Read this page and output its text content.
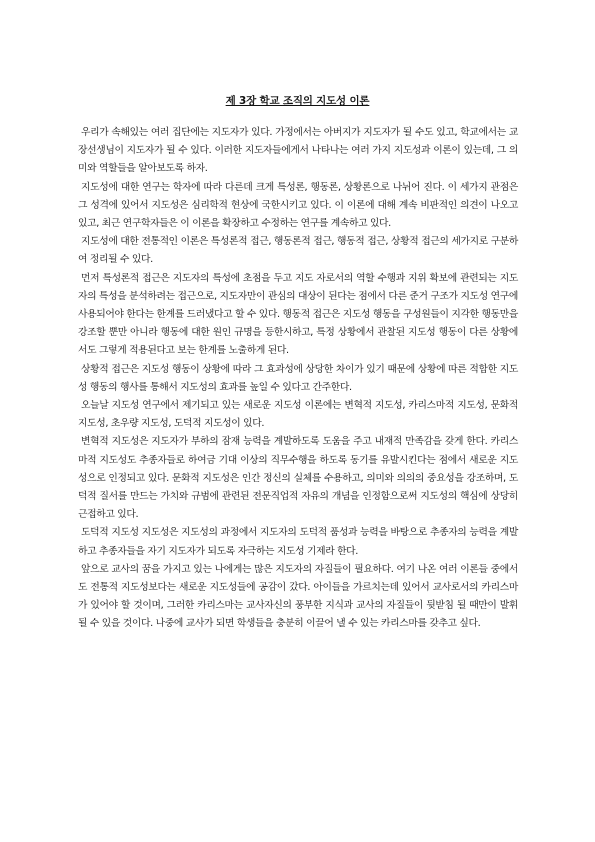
제 3장 학교 조직의 지도성 이론

우리가 속해있는 여러 집단에는 지도자가 있다. 가정에서는 아버지가 지도자가 될 수도 있고, 학교에서는 교장선생님이 지도자가 될 수 있다. 이러한 지도자들에게서 나타나는 여러 가지 지도성과 이론이 있는데, 그 의미와 역할들을 알아보도록 하자.

지도성에 대한 연구는 학자에 따라 다른데 크게 특성론, 행동론, 상황론으로 나뉘어 진다. 이 세가지 관점은 그 성격에 있어서 지도성은 심리학적 현상에 국한시키고 있다. 이 이론에 대해 계속 비판적인 의견이 나오고 있고, 최근 연구학자들은 이 이론을 확장하고 수정하는 연구를 계속하고 있다.

지도성에 대한 전통적인 이론은 특성론적 접근, 행동론적 접근, 행동적 접근, 상황적 접근의 세가지로 구분하여 정리될 수 있다.

먼저 특성론적 접근은 지도자의 특성에 초점을 두고 지도 자로서의 역할 수행과 지위 확보에 관련되는 지도자의 특성을 분석하려는 접근으로, 지도자만이 관심의 대상이 된다는 점에서 다른 준거 구조가 지도성 연구에 사용되어야 한다는 한계를 드러냈다고 할 수 있다. 행동적 접근은 지도성 행동을 구성원들이 지각한 행동만을 강조할 뿐만 아니라 행동에 대한 원인 규명을 등한시하고, 특정 상황에서 관찰된 지도성 행동이 다른 상황에서도 그렇게 적용된다고 보는 한계를 노출하게 된다.

상황적 접근은 지도성 행동이 상황에 따라 그 효과성에 상당한 차이가 있기 때문에 상황에 따른 적합한 지도성 행동의 행사를 통해서 지도성의 효과를 높일 수 있다고 간주한다.

오늘날 지도성 연구에서 제기되고 있는 새로운 지도성 이론에는 변혁적 지도성, 카리스마적 지도성, 문화적 지도성, 초우량 지도성, 도덕적 지도성이 있다.

변혁적 지도성은 지도자가 부하의 잠재 능력을 계발하도록 도움을 주고 내재적 만족감을 갖게 한다. 카리스마적 지도성도 추종자들로 하여금 기대 이상의 직무수행을 하도록 동기를 유발시킨다는 점에서 새로운 지도성으로 인정되고 있다. 문화적 지도성은 인간 정신의 실체를 수용하고, 의미와 의의의 중요성을 강조하며, 도덕적 질서를 만드는 가치와 규범에 관련된 전문직업적 자유의 개념을 인정함으로써 지도성의 핵심에 상당히 근접하고 있다.

도덕적 지도성 지도성은 지도성의 과정에서 지도자의 도덕적 품성과 능력을 바탕으로 추종자의 능력을 계발하고 추종자들을 자기 지도자가 되도록 자극하는 지도성 기제라 한다.

앞으로 교사의 꿈을 가지고 있는 나에게는 많은 지도자의 자질들이 필요하다. 여기 나온 여러 이론들 중에서도 전통적 지도성보다는 새로운 지도성들에 공감이 갔다. 아이들을 가르치는데 있어서 교사로서의 카리스마가 있어야 할 것이며, 그러한 카리스마는 교사자신의 풍부한 지식과 교사의 자질들이 뒷받침 될 때만이 발휘될 수 있을 것이다. 나중에 교사가 되면 학생들을 충분히 이끌어 낼 수 있는 카리스마를 갖추고 싶다.
